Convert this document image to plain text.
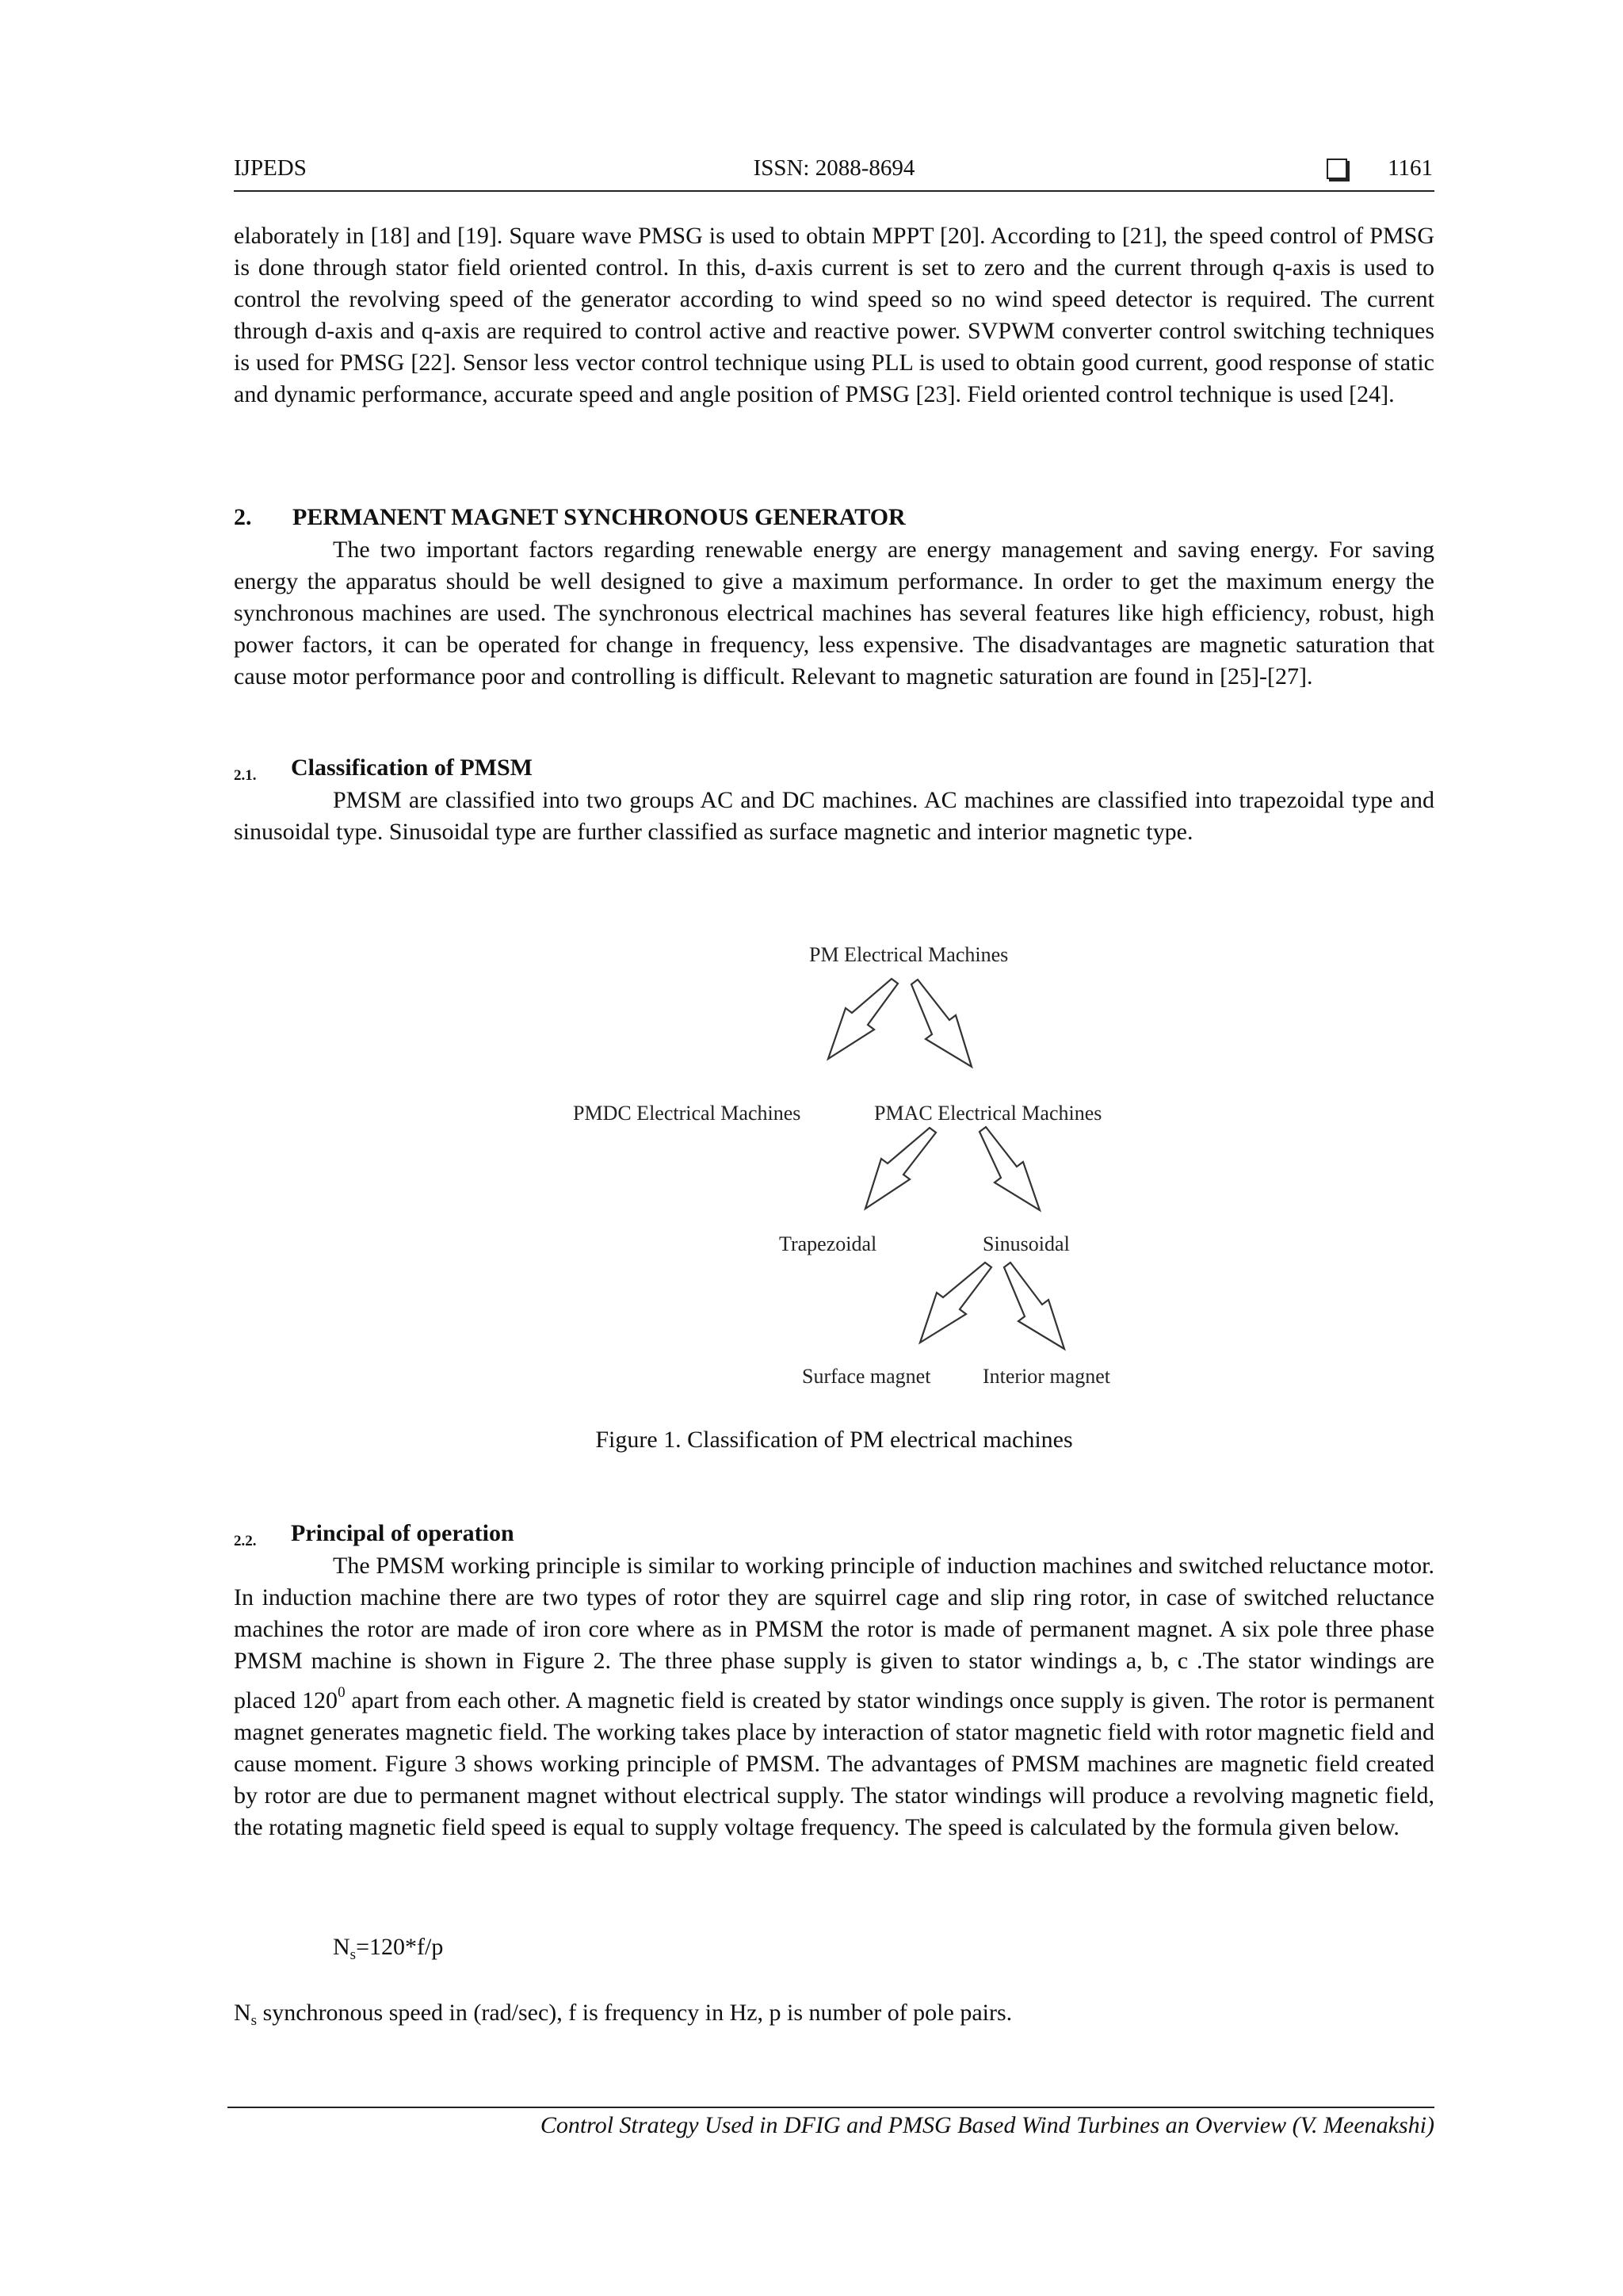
IJPEDS	ISSN: 2088-8694	1161

elaborately in [18] and [19]. Square wave PMSG is used to obtain MPPT [20]. According to [21], the speed control of PMSG is done through stator field oriented control. In this, d-axis current is set to zero and the current through q-axis is used to control the revolving speed of the generator according to wind speed so no wind speed detector is required. The current through d-axis and q-axis are required to control active and reactive power. SVPWM converter control switching techniques is used for PMSG [22]. Sensor less vector control technique using PLL is used to obtain good current, good response of static and dynamic performance, accurate speed and angle position of PMSG [23]. Field oriented control technique is used [24].

2. PERMANENT MAGNET SYNCHRONOUS GENERATOR

The two important factors regarding renewable energy are energy management and saving energy. For saving energy the apparatus should be well designed to give a maximum performance. In order to get the maximum energy the synchronous machines are used. The synchronous electrical machines has several features like high efficiency, robust, high power factors, it can be operated for change in frequency, less expensive. The disadvantages are magnetic saturation that cause motor performance poor and controlling is difficult. Relevant to magnetic saturation are found in [25]-[27].

2.1. Classification of PMSM

PMSM are classified into two groups AC and DC machines. AC machines are classified into trapezoidal type and sinusoidal type. Sinusoidal type are further classified as surface magnetic and interior magnetic type.

PM Electrical Machines
PMDC Electrical Machines	PMAC Electrical Machines
Trapezoidal	Sinusoidal
Surface magnet	Interior magnet
Figure 1. Classification of PM electrical machines
2.2. Principal of operation

The PMSM working principle is similar to working principle of induction machines and switched reluctance motor. In induction machine there are two types of rotor they are squirrel cage and slip ring rotor, in case of switched reluctance machines the rotor are made of iron core where as in PMSM the rotor is made of permanent magnet. A six pole three phase PMSM machine is shown in Figure 2. The three phase supply is given to stator windings a, b, c .The stator windings are placed $120^0$ apart from each other. A magnetic field is created by stator windings once supply is given. The rotor is permanent magnet generates magnetic field. The working takes place by interaction of stator magnetic field with rotor magnetic field and cause moment. Figure 3 shows working principle of PMSM. The advantages of PMSM machines are magnetic field created by rotor are due to permanent magnet without electrical supply. The stator windings will produce a revolving magnetic field, the rotating magnetic field speed is equal to supply voltage frequency. The speed is calculated by the formula given below.

$N_s=120*f/p$

$N_s$ synchronous speed in (rad/sec), f is frequency in Hz, p is number of pole pairs.

Control Strategy Used in DFIG and PMSG Based Wind Turbines an Overview (V. Meenakshi)
